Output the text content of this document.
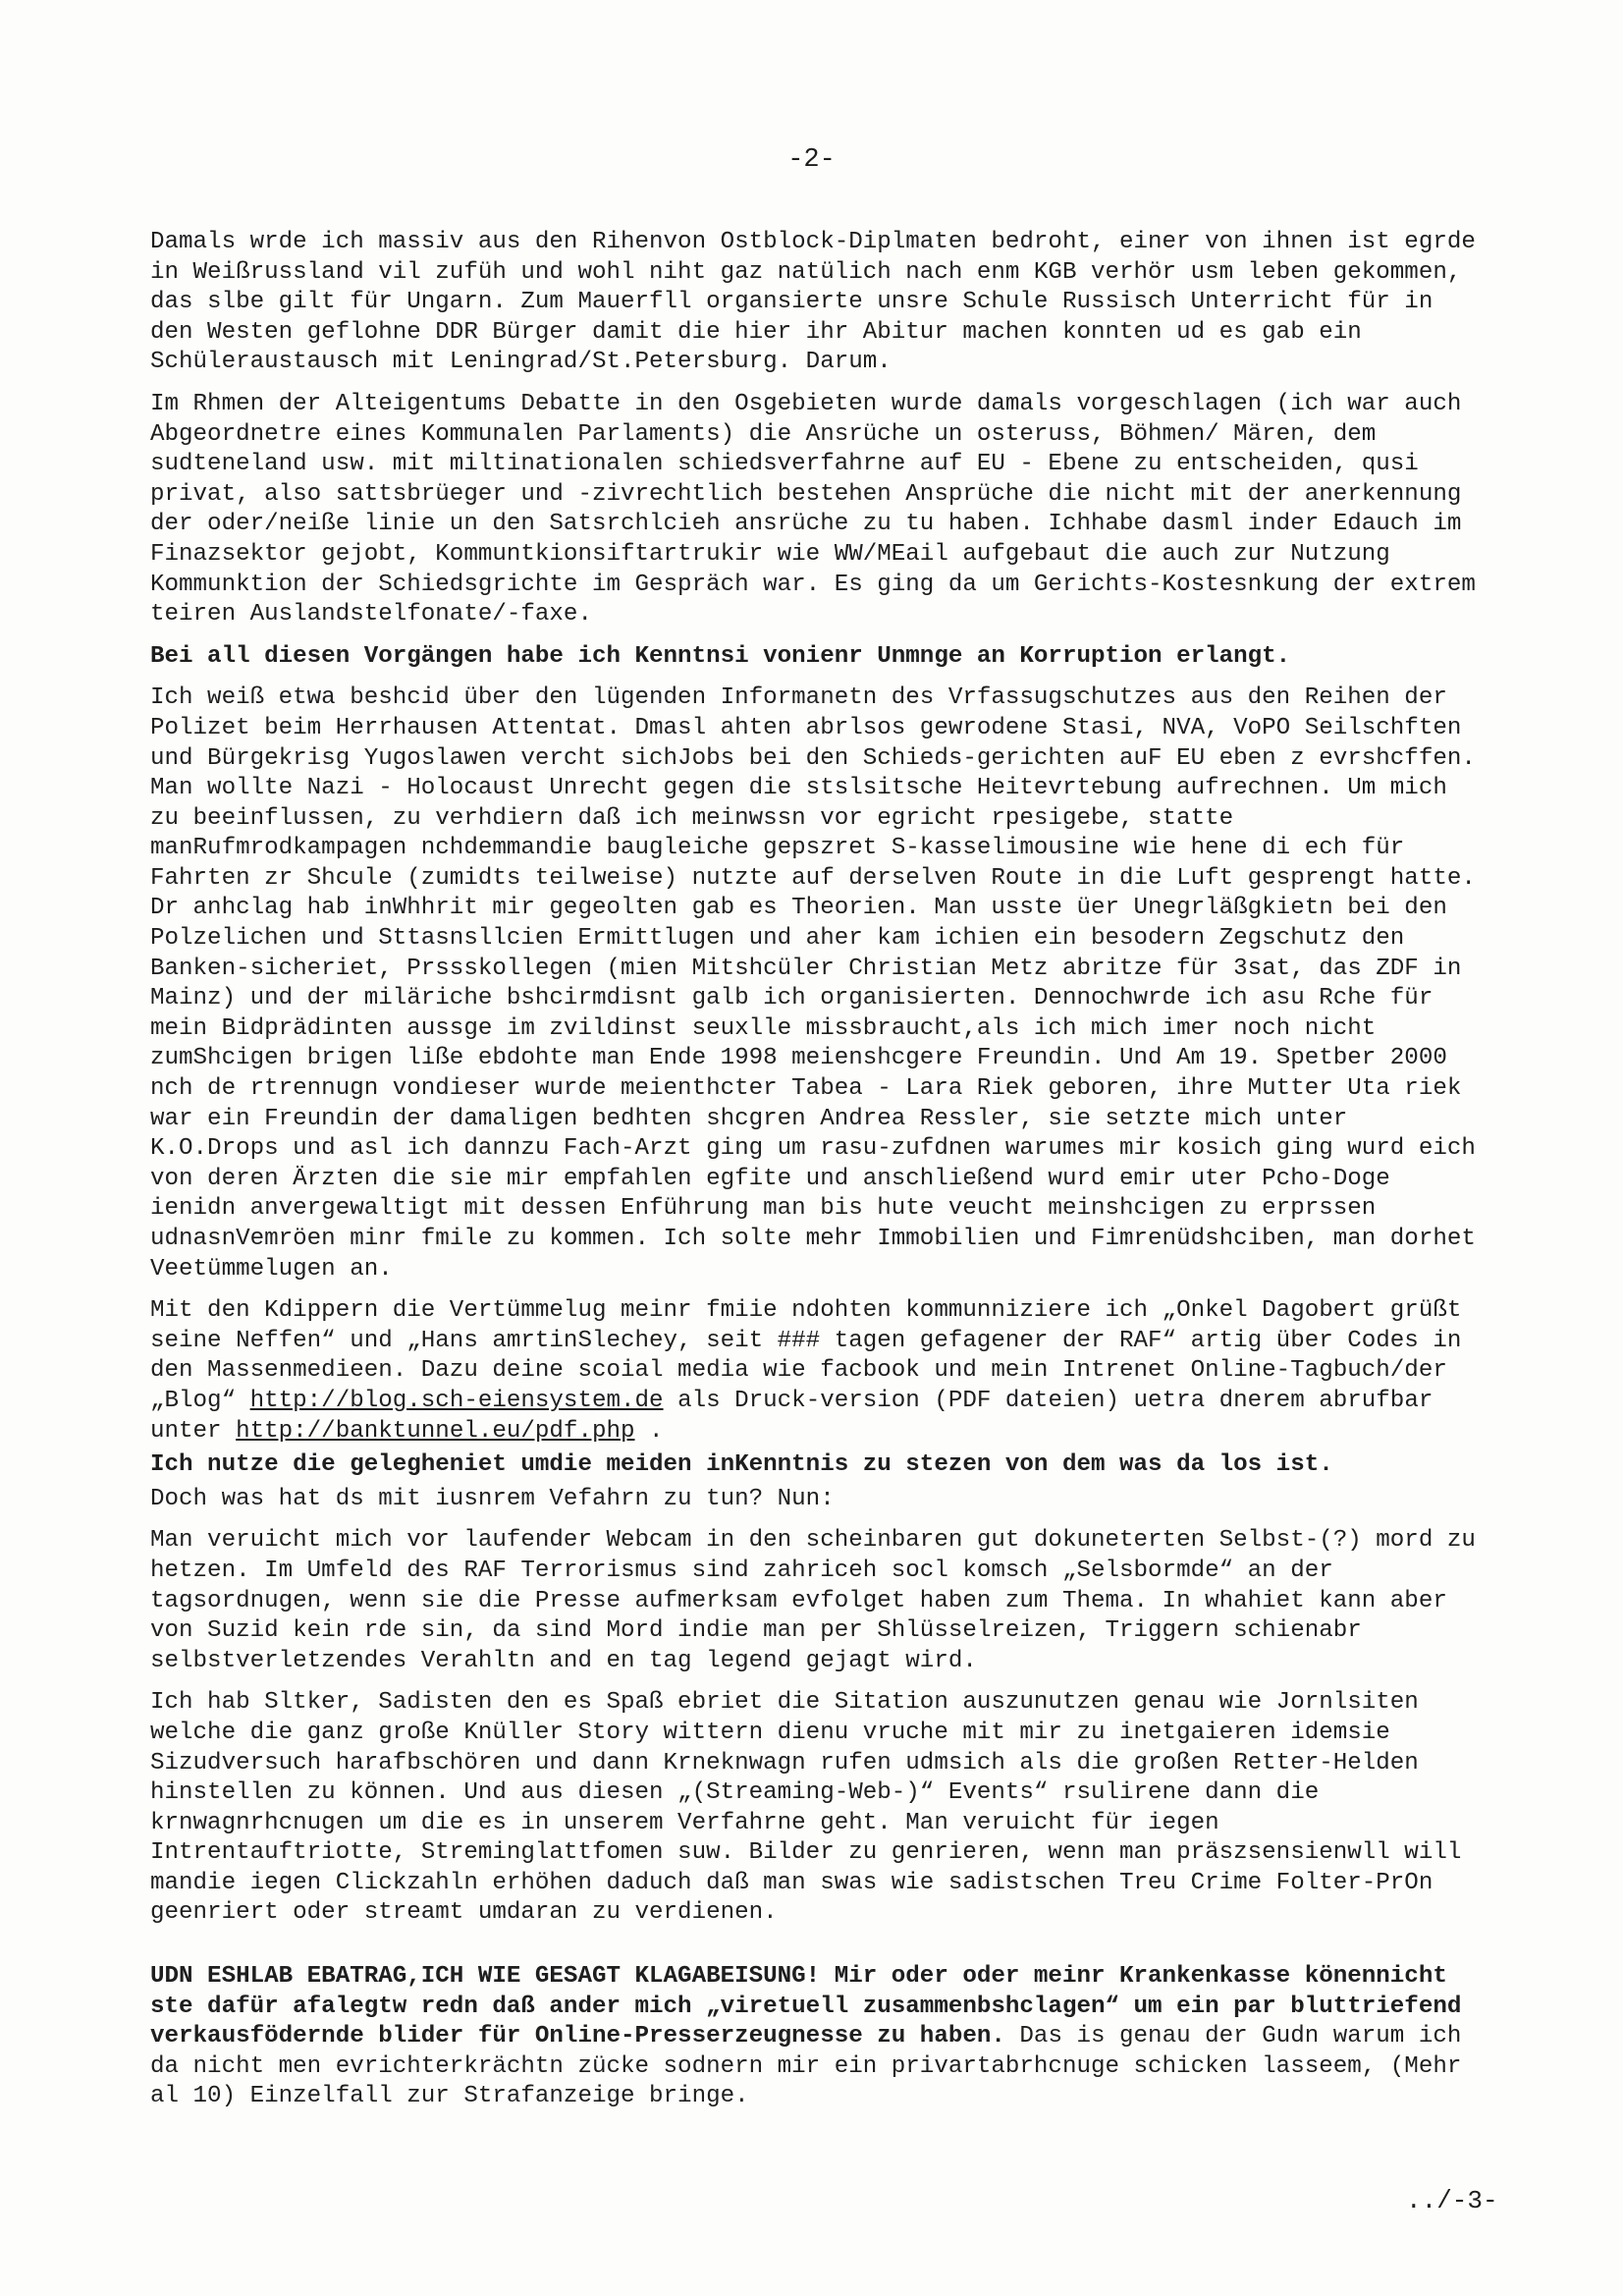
-2-

Damals wrde ich massiv aus den Rihenvon Ostblock-Diplmaten bedroht, einer von ihnen ist egrde in Weißrussland vil zufüh und wohl niht gaz natülich nach enm KGB verhör usm leben gekommen, das slbe gilt für Ungarn. Zum Mauerfll organsierte unsre Schule Russisch Unterricht für in den Westen geflohne DDR Bürger damit die hier ihr Abitur machen konnten ud es gab ein Schüleraustausch mit Leningrad/St.Petersburg. Darum.

Im Rhmen der Alteigentums Debatte in den Osgebieten wurde damals vorgeschlagen (ich war auch Abgeordnetre eines Kommunalen Parlaments) die Ansrüche un osteruss, Böhmen/ Mären, dem sudteneland usw. mit miltinationalen schiedsverfahrne auf EU - Ebene zu entscheiden, qusi privat, also sattsbrüeger und -zivrechtlich bestehen Ansprüche die nicht mit der anerkennung der oder/neiße linie un den Satsrchlcieh ansrüche zu tu haben. Ichhabe dasml inder Edauch im Finazsektor gejobt, Kommuntkionsiftartrukir wie WW/MEail aufgebaut die auch zur Nutzung Kommunktion der Schiedsgrichte im Gespräch war. Es ging da um Gerichts-Kostesnkung der extrem teiren Auslandstelfonate/-faxe.

Bei all diesen Vorgängen habe ich Kenntnsi vonienr Unmnge an Korruption erlangt.

Ich weiß etwa beshcid über den lügenden Informanetn des Vrfassugschutzes aus den Reihen der Polizet beim Herrhausen Attentat. Dmasl ahten abrlsos gewrodene Stasi, NVA, VoPO Seilschften und Bürgekrisg Yugoslawen vercht sichJobs bei den Schieds-gerichten auF EU eben z evrshcffen. Man wollte Nazi - Holocaust Unrecht gegen die stslsitsche Heitevrtebung aufrechnen. Um mich zu beeinflussen, zu verhdiern daß ich meinwssn vor egricht rpesigebe, statte manRufmrodkampagen nchdemmandie baugleiche gepszret S-kasselimousine wie hene di ech für Fahrten zr Shcule (zumidts teilweise) nutzte auf derselven Route in die Luft gesprengt hatte. Dr anhclag hab inWhhrit mir gegeolten gab es Theorien. Man usste üer Unegrläßgkietn bei den Polzelichen und Sttasnsllcien Ermittlugen und aher kam ichien ein besodern Zegschutz den Banken-sicheriet, Prssskollegen (mien Mitshcüler Christian Metz abritze für 3sat, das ZDF in Mainz) und der miläriche bshcirmdisnt galb ich organisierten. Dennochwrde ich asu Rche für mein Bidprädinten aussge im zvildinst seuxlle missbraucht,als ich mich imer noch nicht zumShcigen brigen liße ebdohte man Ende 1998 meienshcgere Freundin. Und Am 19. Spetber 2000 nch de rtrennugn vondieser wurde meienthcter Tabea - Lara Riek geboren, ihre Mutter Uta riek war ein Freundin der damaligen bedhten shcgren Andrea Ressler, sie setzte mich unter K.O.Drops und asl ich dannzu Fach-Arzt ging um rasu-zufdnen warumes mir kosich ging wurd eich von deren Ärzten die sie mir empfahlen egfite und anschließend wurd emir uter Pcho-Doge ienidn anvergewaltigt mit dessen Enführung man bis hute veucht meinshcigen zu erprssen udnasnVemröen minr fmile zu kommen. Ich solte mehr Immobilien und Fimrenüdshciben, man dorhet Veetümmelugen an.

Mit den Kdippern die Vertümmelug meinr fmiie ndohten kommunniziere ich „Onkel Dagobert grüßt seine Neffen“ und „Hans amrtinSlechey, seit ### tagen gefagener der RAF“ artig über Codes in den Massenmedieen. Dazu deine scoial media wie facbook und mein Intrenet Online-Tagbuch/der „Blog“ http://blog.sch-eiensystem.de als Druck-version (PDF dateien) uetra dnerem abrufbar unter http://banktunnel.eu/pdf.php .

Ich nutze die gelegheniet umdie meiden inKenntnis zu stezen von dem was da los ist.

Doch was hat ds mit iusnrem Vefahrn zu tun? Nun:

Man veruicht mich vor laufender Webcam in den scheinbaren gut dokuneterten Selbst-(?) mord zu hetzen. Im Umfeld des RAF Terrorismus sind zahriceh socl komsch „Selsbormde“ an der tagsordnugen, wenn sie die Presse aufmerksam evfolget haben zum Thema. In whahiet kann aber von Suzid kein rde sin, da sind Mord indie man per Shlüsselreizen, Triggern schienabr selbstverletzendes Verahltn and en tag legend gejagt wird.

Ich hab Sltker, Sadisten den es Spaß ebriet die Sitation auszunutzen genau wie Jornlsiten welche die ganz große Knüller Story wittern dienu vruche mit mir zu inetgaieren idemsie Sizudversuch harafbschören und dann Krneknwagn rufen udmsich als die großen Retter-Helden hinstellen zu können. Und aus diesen „(Streaming-Web-)“ Events“ rsulirene dann die krnwagnrhcnugen um die es in unserem Verfahrne geht. Man veruicht für iegen Intrentauftriotte, Streminglattfomen suw. Bilder zu genrieren, wenn man präszsensienwll will mandie iegen Clickzahln erhöhen daduch daß man swas wie sadistschen Treu Crime Folter-PrOn geenriert oder streamt umdaran zu verdienen.

UDN ESHLAB EBATRAG,ICH WIE GESAGT KLAGABEISUNG! Mir oder oder meinr Krankenkasse könennicht ste dafür afalegtw redn daß ander mich „viretuell zusammenbshclagen“ um ein par bluttriefend verkausfödernde blider für Online-Presserzeugnesse zu haben. Das is genau der Gudn warum ich da nicht men evrichterkrächtn zücke sodnern mir ein privartabrhcnuge schicken lasseem, (Mehr al 10) Einzelfall zur Strafanzeige bringe.

../-3-
